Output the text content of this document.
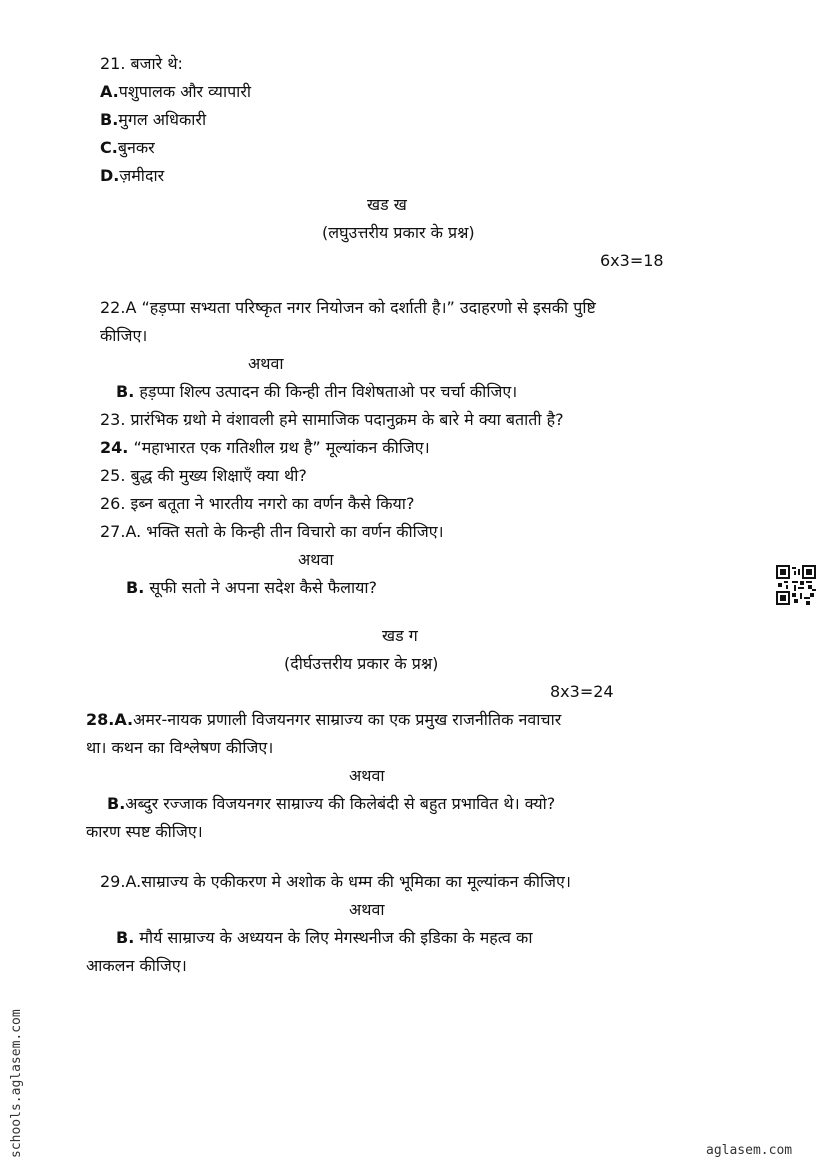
21. बजारे थे:
A.पशुपालक और व्यापारी
B.मुगल अधिकारी
C.बुनकर
D.ज़मीदार
खड ख
(लघुउत्तरीय प्रकार के प्रश्न)
6x3=18
22.A “हड़प्पा सभ्यता परिष्कृत नगर नियोजन को दर्शाती है।” उदाहरणो से इसकी पुष्टि
कीजिए।
अथवा
B. हड़प्पा शिल्प उत्पादन की किन्ही तीन विशेषताओ पर चर्चा कीजिए।
23. प्रारंभिक ग्रथो मे वंशावली हमे सामाजिक पदानुक्रम के बारे मे क्या बताती है?
24. “महाभारत एक गतिशील ग्रथ है” मूल्यांकन कीजिए।
25. बुद्ध की मुख्य शिक्षाएँ क्या थी?
26. इब्न बतूता ने भारतीय नगरो का वर्णन कैसे किया?
27.A. भक्ति सतो के किन्ही तीन विचारो का वर्णन कीजिए।
अथवा
B. सूफी सतो ने अपना सदेश कैसे फैलाया?
खड ग
(दीर्घउत्तरीय प्रकार के प्रश्न)
8x3=24
28.A.अमर-नायक प्रणाली विजयनगर साम्राज्य का एक प्रमुख राजनीतिक नवाचार
था। कथन का विश्लेषण कीजिए।
अथवा
B.अब्दुर रज्जाक विजयनगर साम्राज्य की किलेबंदी से बहुत प्रभावित थे। क्यो?
कारण स्पष्ट कीजिए।
29.A.साम्राज्य के एकीकरण मे अशोक के धम्म की भूमिका का मूल्यांकन कीजिए।
अथवा
B. मौर्य साम्राज्य के अध्ययन के लिए मेगस्थनीज की इडिका के महत्व का
आकलन कीजिए।
schools.aglasem.com	aglasem.com
